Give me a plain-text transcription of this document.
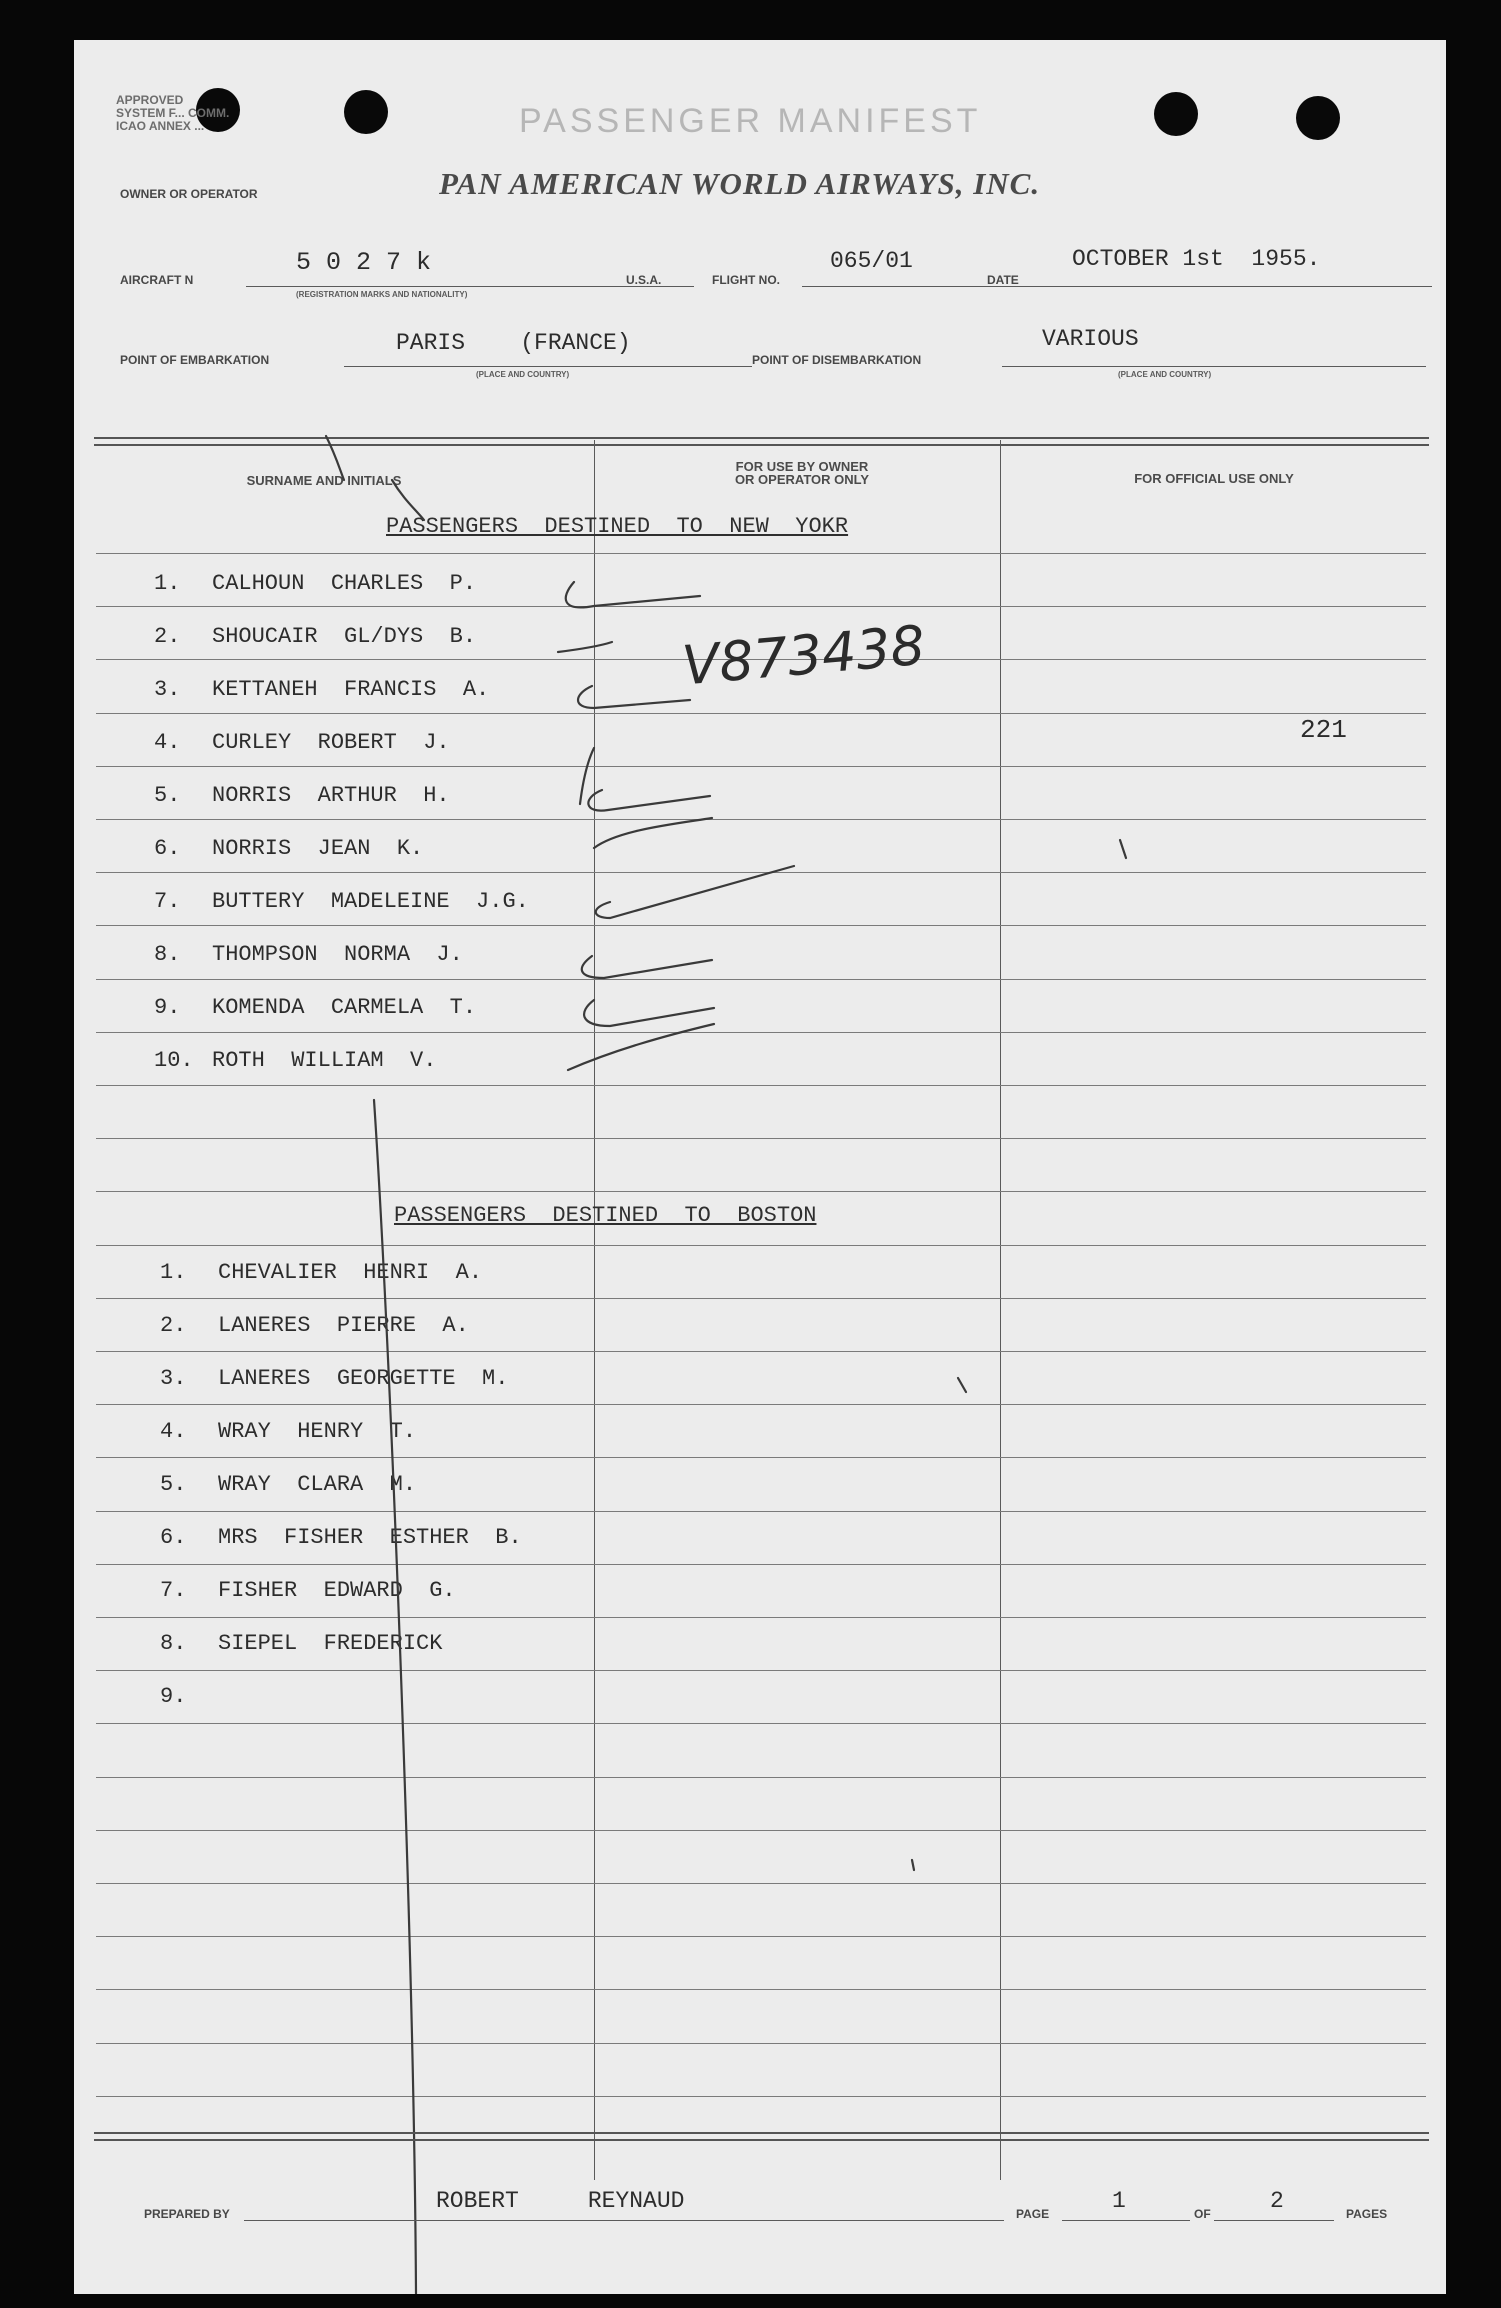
APPROVED
SYSTEM F... COMM.
ICAO ANNEX ...	PASSENGER MANIFEST
OWNER OR OPERATOR	PAN AMERICAN WORLD AIRWAYS, INC.
AIRCRAFT N
5 0 2 7 k
(REGISTRATION MARKS AND NATIONALITY)
U.S.A.	FLIGHT NO.
065/01
DATE
OCTOBER 1st  1955.
POINT OF EMBARKATION
PARIS    (FRANCE)
(PLACE AND COUNTRY)
POINT OF DISEMBARKATION
VARIOUS
(PLACE AND COUNTRY)
SURNAME AND INITIALS
FOR USE BY OWNER
OR OPERATOR ONLY	FOR OFFICIAL USE ONLY
PASSENGERS  DESTINED  TO  NEW  YOKR
1. CALHOUN  CHARLES  P.
2. SHOUCAIR  GL/DYS  B.
3. KETTANEH  FRANCIS  A.
4. CURLEY  ROBERT  J.
5. NORRIS  ARTHUR  H.
6. NORRIS  JEAN  K.
7. BUTTERY  MADELEINE  J.G.
8. THOMPSON  NORMA  J.
9. KOMENDA  CARMELA  T.
10. ROTH  WILLIAM  V.
PASSENGERS  DESTINED  TO  BOSTON
1. CHEVALIER  HENRI  A.
2. LANERES  PIERRE  A.
3. LANERES  GEORGETTE  M.
4. WRAY  HENRY  T.
5. WRAY  CLARA  M.
6. MRS  FISHER  ESTHER  B.
7. FISHER  EDWARD  G.
8. SIEPEL  FREDERICK
9.
V873438
221
PREPARED BY	ROBERT     REYNAUD	PAGE	1	OF	2	PAGES
